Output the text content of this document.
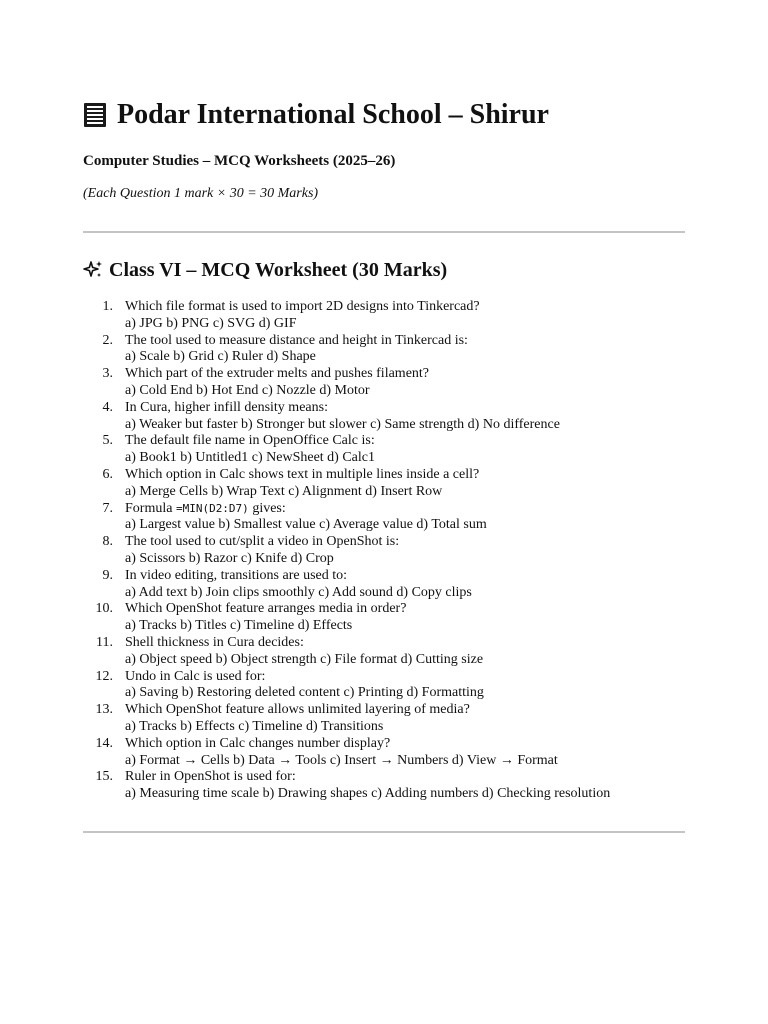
Podar International School – Shirur
Computer Studies – MCQ Worksheets (2025–26)
(Each Question 1 mark × 30 = 30 Marks)
Class VI – MCQ Worksheet (30 Marks)
1. Which file format is used to import 2D designs into Tinkercad?
a) JPG b) PNG c) SVG d) GIF
2. The tool used to measure distance and height in Tinkercad is:
a) Scale b) Grid c) Ruler d) Shape
3. Which part of the extruder melts and pushes filament?
a) Cold End b) Hot End c) Nozzle d) Motor
4. In Cura, higher infill density means:
a) Weaker but faster b) Stronger but slower c) Same strength d) No difference
5. The default file name in OpenOffice Calc is:
a) Book1 b) Untitled1 c) NewSheet d) Calc1
6. Which option in Calc shows text in multiple lines inside a cell?
a) Merge Cells b) Wrap Text c) Alignment d) Insert Row
7. Formula =MIN(D2:D7) gives:
a) Largest value b) Smallest value c) Average value d) Total sum
8. The tool used to cut/split a video in OpenShot is:
a) Scissors b) Razor c) Knife d) Crop
9. In video editing, transitions are used to:
a) Add text b) Join clips smoothly c) Add sound d) Copy clips
10. Which OpenShot feature arranges media in order?
a) Tracks b) Titles c) Timeline d) Effects
11. Shell thickness in Cura decides:
a) Object speed b) Object strength c) File format d) Cutting size
12. Undo in Calc is used for:
a) Saving b) Restoring deleted content c) Printing d) Formatting
13. Which OpenShot feature allows unlimited layering of media?
a) Tracks b) Effects c) Timeline d) Transitions
14. Which option in Calc changes number display?
a) Format → Cells b) Data → Tools c) Insert → Numbers d) View → Format
15. Ruler in OpenShot is used for:
a) Measuring time scale b) Drawing shapes c) Adding numbers d) Checking resolution
